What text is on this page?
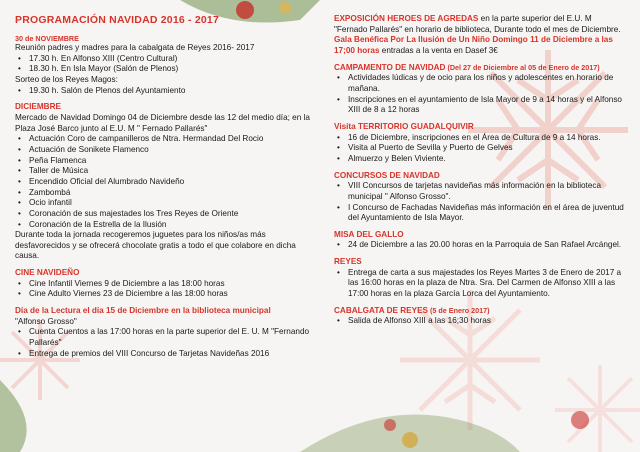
PROGRAMACIÓN NAVIDAD 2016 - 2017
30 de NOVIEMBRE
Reunión padres y madres para la cabalgata de Reyes 2016- 2017
• 17.30 h. En Alfonso XIII (Centro Cultural)
• 18.30 h. En Isla Mayor (Salón de Plenos)
Sorteo de los Reyes Magos:
• 19.30 h. Salón de Plenos del Ayuntamiento
DICIEMBRE
Mercado de Navidad Domingo 04 de Diciembre desde las 12 del medio día; en la Plaza José Barco junto al E.U. M " Fernado Pallarés"
• Actuación Coro de campanilleros de Ntra. Hermandad Del Rocio
• Actuación de Sonikete Flamenco
• Peña Flamenca
• Taller de Música
• Encendido Oficial del Alumbrado Navideño
• Zambombá
• Ocio infantil
• Coronación de sus majestades los Tres Reyes de Oriente
• Coronación de la Estrella de la Ilusión
Durante toda la jornada recogeremos juguetes para los niños/as más desfavorecidos y se ofrecerá chocolate gratis a todo el que colabore en dicha causa.
CINE NAVIDEÑO
• Cine Infantil Viernes 9 de Diciembre a las 18:00 horas
• Cine Adulto Viernes 23 de Diciembre a las 18:00 horas
Día de la Lectura el día 15 de Diciembre en la biblioteca municipal
"Alfonso Grosso"
• Cuenta Cuentos a las 17:00 horas en la parte superior del E. U. M "Fernando Pallarés"
• Entrega de premios del VIII Concurso de Tarjetas Navideñas 2016
EXPOSICIÓN HEROES DE AGREDAS en la parte superior del E.U. M "Fernado Pallarés" en horario de biblioteca, Durante todo el mes de Diciembre.
Gala Benéfica Por La Ilusión de Un Niño Domingo 11 de Diciembre a las 17;00 horas entradas a la venta en Dasef 3€
CAMPAMENTO DE NAVIDAD (Del 27 de Diciembre al 05 de Enero de 2017)
• Actividades lúdicas y de ocio para los niños y adolescentes en horario de mañana.
• Inscripciones en el ayuntamiento de Isla Mayor de 9 a 14 horas y el Alfonso XIII de 8 a 12 horas
Visita TERRITORIO GUADALQUIVIR
• 16 de Diciembre, inscripciones en el Área de Cultura de 9 a 14 horas.
• Visita al Puerto de Sevilla y Puerto de Gelves
• Almuerzo y Belen Viviente.
CONCURSOS DE NAVIDAD
• VIII Concursos de tarjetas navideñas más información en la biblioteca municipal " Alfonso Grosso".
• I Concurso de Fachadas Navideñas más información en el área de juventud del Ayuntamiento de Isla Mayor.
MISA DEL GALLO
• 24 de Diciembre a las 20.00 horas en la Parroquia de San Rafael Arcángel.
REYES
• Entrega de carta a sus majestades los Reyes Martes 3 de Enero de 2017 a las 16:00 horas en la plaza de Ntra. Sra. Del Carmen de Alfonso XIII a las 17:00 horas en la plaza García Lorca del Ayuntamiento.
CABALGATA DE REYES (5 de Enero 2017)
• Salida de Alfonso XIII a las 16;30 horas
